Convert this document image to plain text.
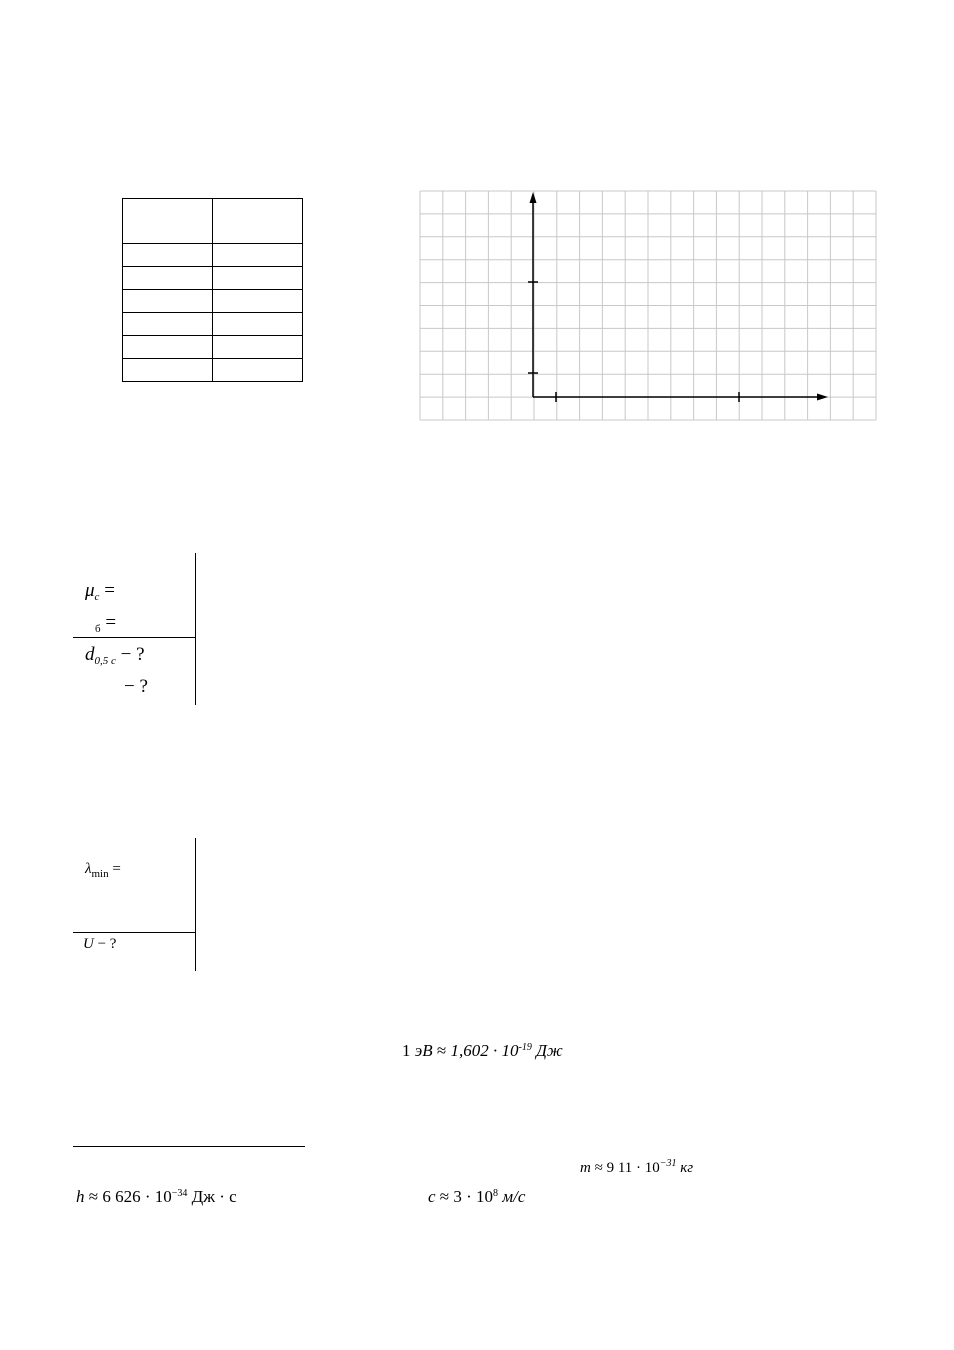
$\mu_c$ =
$_б$ =
$d_{0,5 c}$ − ?
− ?
$\lambda_{min}$ =
U − ?
1 эВ ≈ $1,602 \cdot 10^{-19}$ Дж
m ≈ 9 $11 \cdot 10^{-31}$ кг
h ≈ 6 $626 \cdot 10^{-34}$ Дж · с	$c \approx 3 \cdot 10^8$ м/с
